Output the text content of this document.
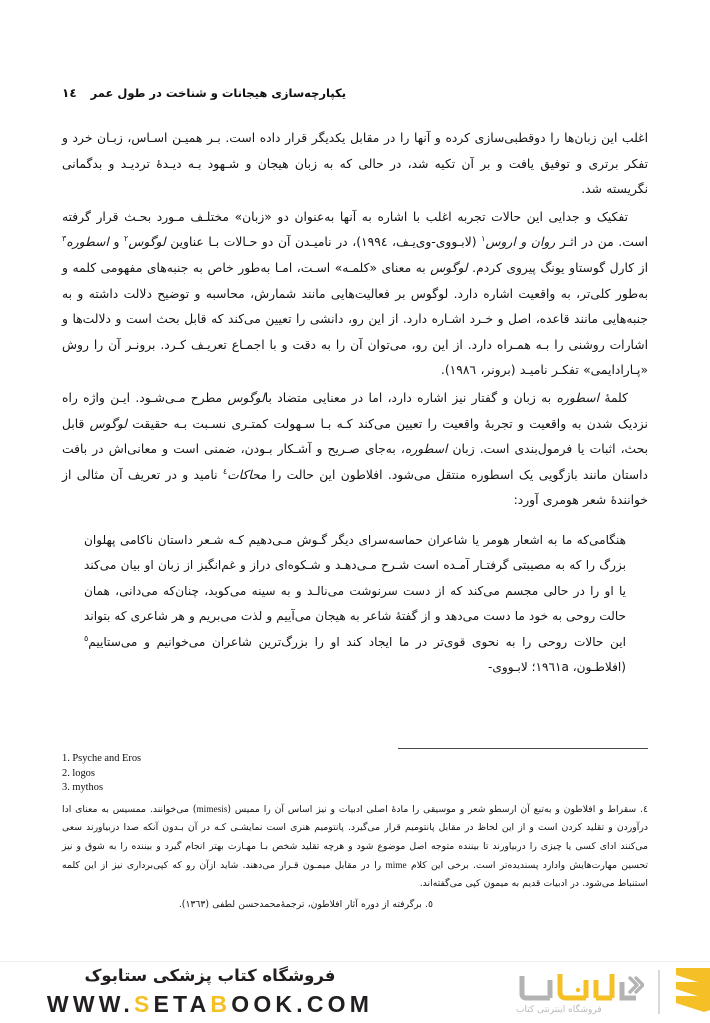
یکپارچه‌سازی هیجانات و شناخت در طول عمر
١٤

اغلب این زبان‌ها را دوقطبی‌سازی کرده و آنها را در مقابل یکدیگر قرار داده است. بـر همیـن اسـاس، زبـان خرد و تفکر برتری و توفیق یافت و بر آن تکیه شد، در حالی که به زبان هیجان و شـهود بـه دیـدۀ تردیـد و بدگمانی نگریسته شد.

تفکیک و جدایی این حالات تجربه اغلب با اشاره به آنها به‌عنوان دو «زبان» مختلـف مـورد بحـث قرار گرفته است. من در اثـر روان و اروس$^١$ (لابـووی-وی‌یـف، ۱۹۹٤)، در نامیـدن آن دو حـالات بـا عناوین لوگوس$^٢$ و اسطوره$^٣$ از کارل گوستاو یونگ پیروی کردم. لوگوس به معنای «کلمـه» اسـت، امـا به‌طور خاص به جنبه‌های مفهومی کلمه و به‌طور کلی‌تر، به واقعیت اشاره دارد. لوگوس بر فعالیت‌هایی مانند شمارش، محاسبه و توضیح دلالت داشته و به جنبه‌هایی مانند قاعده، اصل و خـرد اشـاره دارد. از این رو، دانشی را تعیین می‌کند که قابل بحث است و دلالت‌ها و اشارات روشنی را بـه همـراه دارد. از این رو، می‌توان آن را به دقت و با اجمـاع تعریـف کـرد. برونـر آن را روش «پـارادایمی» تفکـر نامیـد (برونر، ۱۹۸٦).

کلمۀ اسطوره به زبان و گفتار نیز اشاره دارد، اما در معنایی متضاد بالوگوس مطرح مـی‌شـود. ایـن واژه راه نزدیک شدن به واقعیت و تجربۀ واقعیت را تعیین می‌کند کـه بـا سـهولت کمتـری نسـبت بـه حقیقت لوگوس قابل بحث، اثبات یا فرمول‌بندی است. زبان اسطوره، به‌جای صـریح و آشـکار بـودن، ضمنی است و معانی‌اش در بافت داستان مانند بازگویی یک اسطوره منتقل می‌شود. افلاطون این حالت را محاکات$^٤$ نامید و در تعریف آن مثالی از خوانندۀ شعر هومری آورد:

هنگامی‌که ما به اشعار هومر یا شاعران حماسه‌سرای دیگر گـوش مـی‌دهیم کـه شـعر داستان ناکامی پهلوان بزرگ را که به مصیبتی گرفتـار آمـده است شـرح مـی‌دهـد و شـکوه‌ای دراز و غم‌انگیز از زبان او بیان می‌کند یا او را در حالی مجسم می‌کند که از دست سرنوشت می‌نالـد و به سینه می‌کوبد، چنان‌که می‌دانی، همان حالت روحی به خود ما دست می‌دهد و از گفتۀ شاعر به هیجان می‌آییم و لذت می‌بریم و هر شاعری که بتواند این حالات روحی را به نحوی قوی‌تر در ما ایجاد کند او را بزرگ‌ترین شاعران می‌خوانیم و می‌ستاییم$^٥$ (افلاطـون، ۱۹٦۱a؛ لابـووی-
1. Psyche and Eros
2. logos
3. mythos
٤. سقراط و افلاطون و به‌تبع آن ارسطو شعر و موسیقی را مادۀ اصلی ادبیات و نیز اساس آن را ممیس (mimesis) می‌خوانند. ممسیس به معنای ادا درآوردن و تقلید کردن است و از این لحاظ در مقابل پانتومیم قرار می‌گیرد. پانتومیم هنری است نمایشـی کـه در آن بـدون آنکه صدا دربیاورند سعی می‌کنند ادای کسی یا چیزی را دربیاورند تا بیننده متوجه اصل موضوع شود و هرچه تقلید شخص بـا مهـارت بهتر انجام گیرد و بیننده را به شوق و نیز تحسین مهارت‌هایش وادارد پسندیده‌تر است. برخی این کلام mime را در مقابل میمـون قـرار می‌دهند. شاید ازآن رو که کپی‌برداری نیز از این کلمه استنباط می‌شود. در ادبیات قدیم به میمون کپی می‌گفته‌اند.
٥. برگرفته از دوره آثار افلاطون، ترجمۀ‌محمدحسن لطفی (۱۳٦۳).
فروشگاه کتاب پزشکی ستابوک
WWW.SETABOOK.COM	فروشگاه اینترنتی کتاب
